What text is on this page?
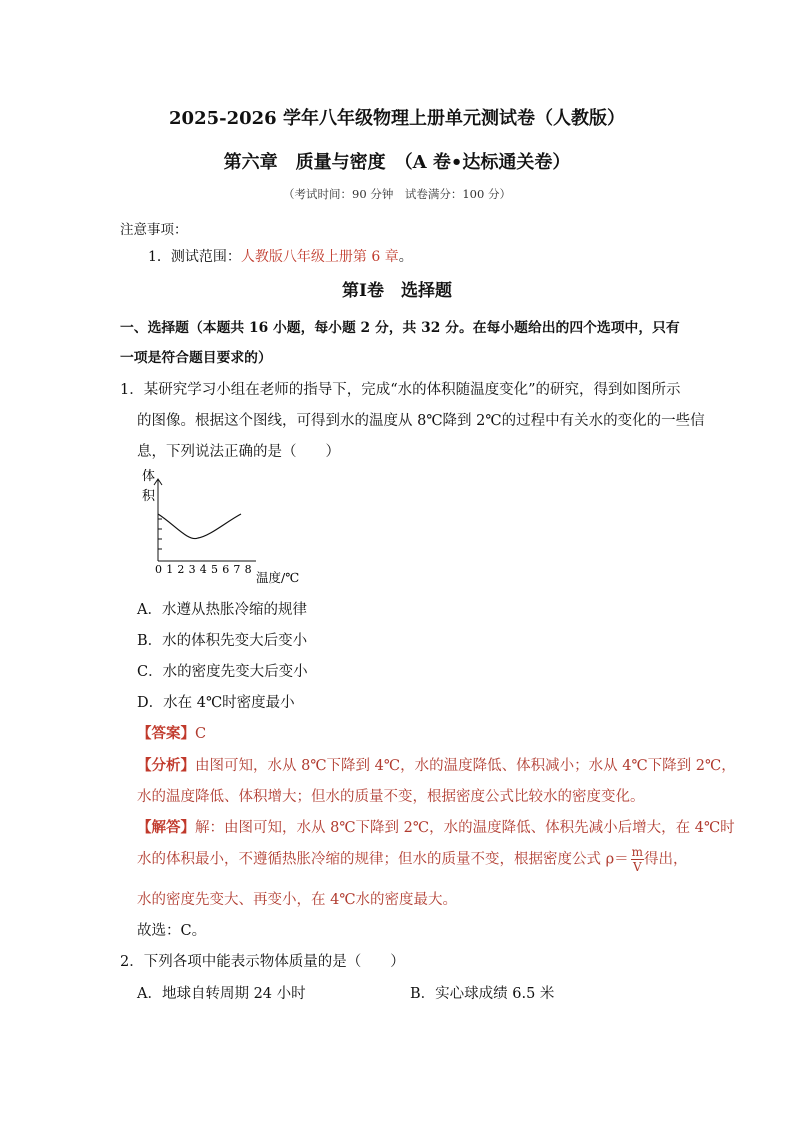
2025-2026 学年八年级物理上册单元测试卷（人教版）
第六章　质量与密度　（A 卷•达标通关卷）
（考试时间：90 分钟　试卷满分：100 分）
注意事项：
1．测试范围：人教版八年级上册第 6 章。
第Ⅰ卷　选择题
一、选择题（本题共 16 小题，每小题 2 分，共 32 分。在每小题给出的四个选项中，只有
一项是符合题目要求的）
1．某研究学习小组在老师的指导下，完成“水的体积随温度变化”的研究，得到如图所示
的图像。根据这个图线，可得到水的温度从 8℃降到 2℃的过程中有关水的变化的一些信
息，下列说法正确的是（　　）
体
积
0 1 2 3 4 5 6 7 8
温度/℃
A．水遵从热胀冷缩的规律
B．水的体积先变大后变小
C．水的密度先变大后变小
D．水在 4℃时密度最小
【答案】C
【分析】由图可知，水从 8℃下降到 4℃，水的温度降低、体积减小；水从 4℃下降到 2℃，
水的温度降低、体积增大；但水的质量不变，根据密度公式比较水的密度变化。
【解答】解：由图可知，水从 8℃下降到 2℃，水的温度降低、体积先减小后增大，在 4℃时
水的体积最小，不遵循热胀冷缩的规律；但水的质量不变，根据密度公式 $\rho= \frac{m}{V}$ 得出，
水的密度先变大、再变小，在 4℃水的密度最大。
故选：C。
2．下列各项中能表示物体质量的是（　　）
A．地球自转周期 24 小时	B．实心球成绩 6.5 米
